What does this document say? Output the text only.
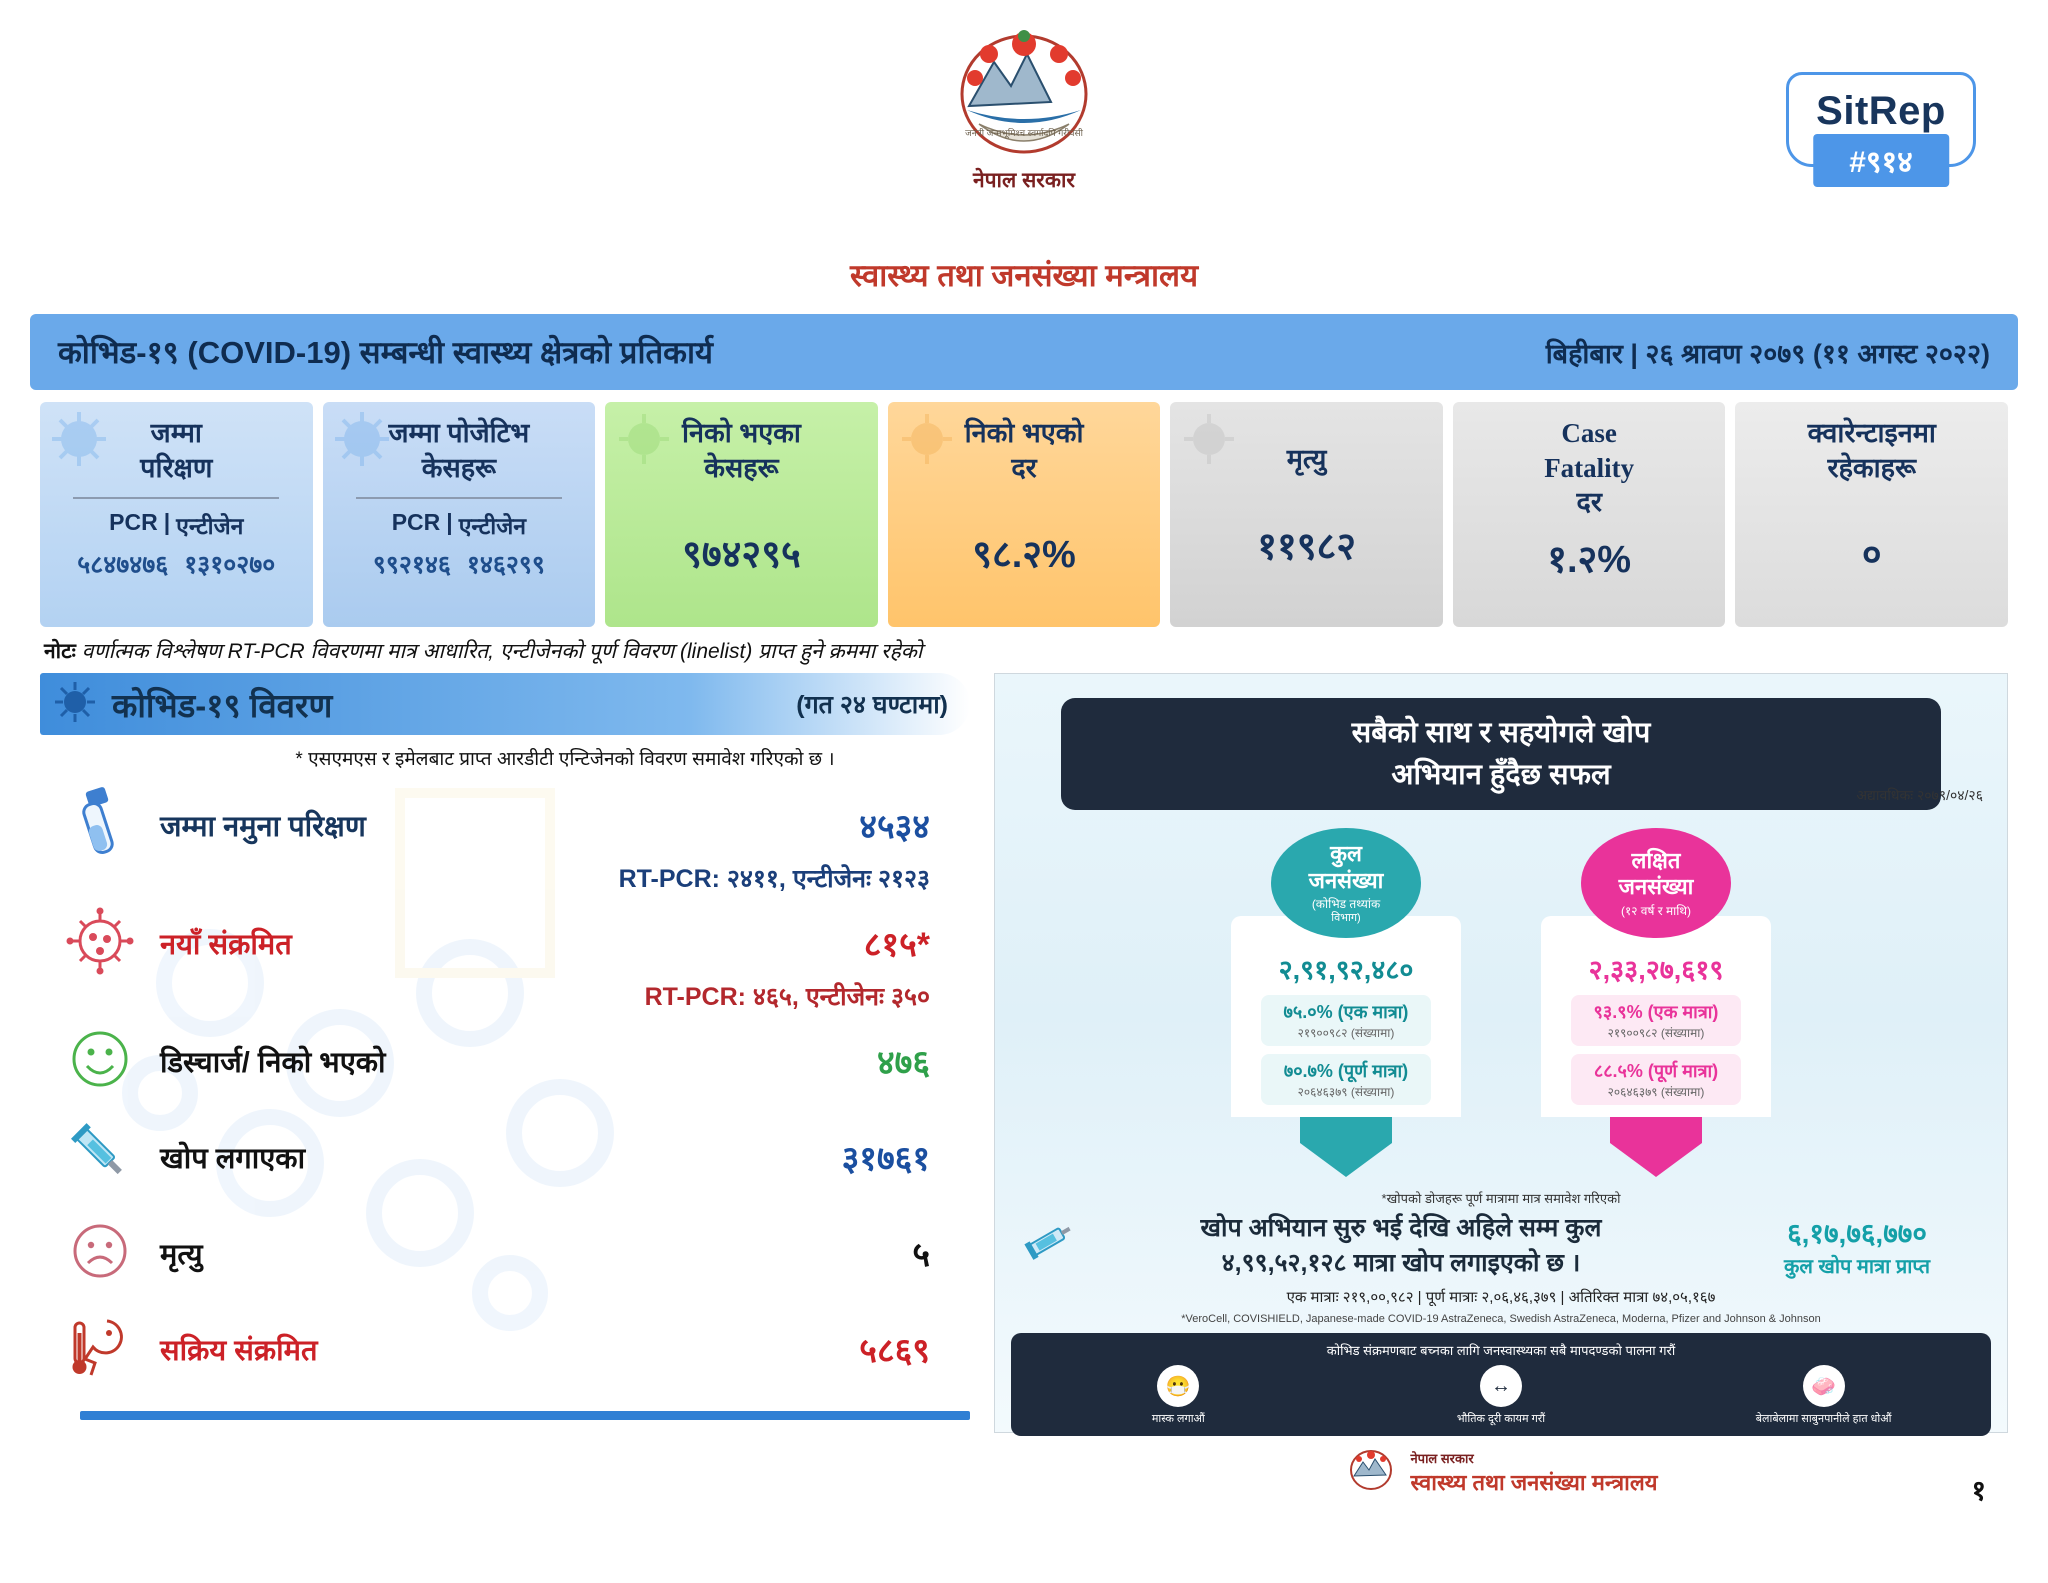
जननी जन्मभूमिश्च स्वर्गादपि गरीयसी
नेपाल सरकार
स्वास्थ्य तथा जनसंख्या मन्त्रालय
SitRep
#९१४
कोभिड-१९ (COVID-19) सम्बन्धी स्वास्थ्य क्षेत्रको प्रतिकार्य	बिहीबार | २६ श्रावण २०७९ (११ अगस्ट २०२२)
जम्मा
परिक्षण
PCR | एन्टीजेन
५८४७४७६ १३१०२७०
जम्मा पोजेटिभ
केसहरू
PCR | एन्टीजेन
९९२१४६ १४६२९९
निको भएका
केसहरू
९७४२९५
निको भएको
दर
९८.२%
मृत्यु
११९८२
Case
Fatality
दर
१.२%
क्वारेन्टाइनमा
रहेकाहरू
०
नोटः वर्णात्मक विश्लेषण RT-PCR विवरणमा मात्र आधारित, एन्टीजेनको पूर्ण विवरण (linelist) प्राप्त हुने क्रममा रहेको
कोभिड-१९ विवरण	(गत २४ घण्टामा)
* एसएमएस र इमेलबाट प्राप्त आरडीटी एन्टिजेनको विवरण समावेश गरिएको छ ।
जम्मा नमुना परिक्षण	४५३४
RT-PCR: २४११, एन्टीजेनः २१२३
नयाँ संक्रमित	८१५*
RT-PCR: ४६५, एन्टीजेनः ३५०
डिस्चार्ज/ निको भएको	४७६
खोप लगाएका	३१७६१
मृत्यु	५
सक्रिय संक्रमित	५८६९
सबैको साथ र सहयोगले खोप
अभियान हुँदैछ सफल
अद्यावधिकः २०७९/०४/२६
कुल
जनसंख्या
(कोभिड तथ्यांक
विभाग)
२,९१,९२,४८०
७५.०% (एक मात्रा)
२१९००९८२ (संख्यामा)
७०.७% (पूर्ण मात्रा)
२०६४६३७९ (संख्यामा)
लक्षित
जनसंख्या
(१२ वर्ष र माथि)
२,३३,२७,६१९
९३.९% (एक मात्रा)
२१९००९८२ (संख्यामा)
८८.५% (पूर्ण मात्रा)
२०६४६३७९ (संख्यामा)
*खोपको डोजहरू पूर्ण मात्रामा मात्र समावेश गरिएको
खोप अभियान सुरु भई देखि अहिले सम्म कुल
४,९९,५२,१२८ मात्रा खोप लगाइएको छ ।
६,१७,७६,७७०
कुल खोप मात्रा प्राप्त
एक मात्राः २१९,००,९८२ | पूर्ण मात्राः २,०६,४६,३७९ | अतिरिक्त मात्रा ७४,०५,१६७
*VeroCell, COVISHIELD, Japanese-made COVID-19 AstraZeneca, Swedish AstraZeneca, Moderna, Pfizer and Johnson & Johnson
कोभिड संक्रमणबाट बच्नका लागि जनस्वास्थ्यका सबै मापदण्डको पालना गरौं
😷
मास्क लगाऔं
↔
भौतिक दूरी कायम गरौं
🧼
बेलाबेलामा साबुनपानीले हात धोऔं
नेपाल सरकार
स्वास्थ्य तथा जनसंख्या मन्त्रालय	१
